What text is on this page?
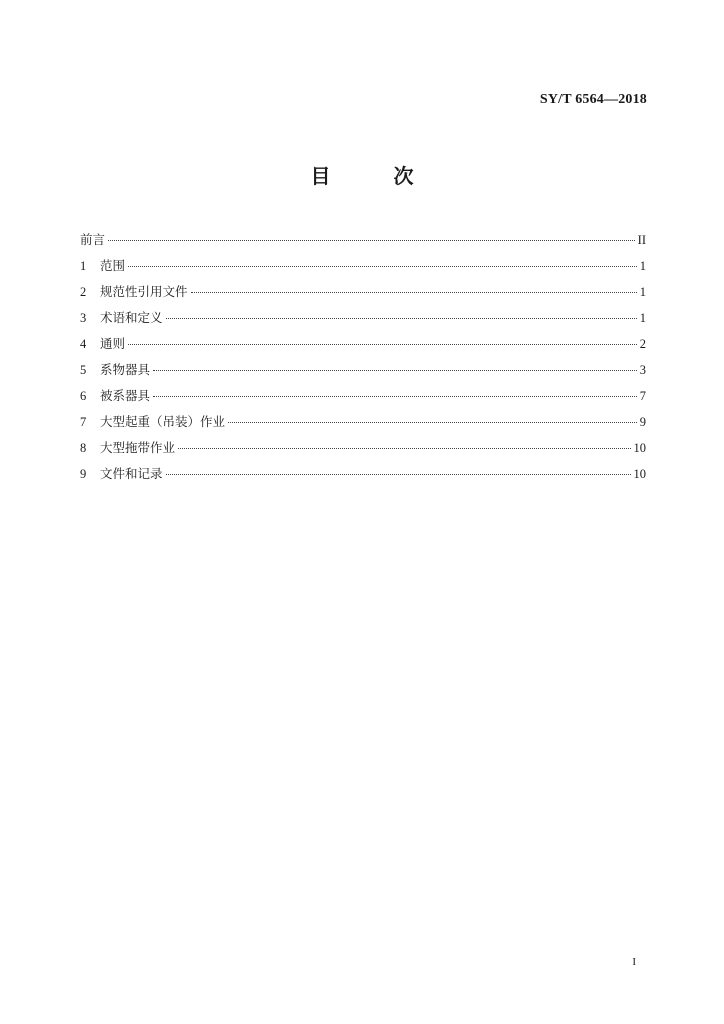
SY/T 6564—2018
目 次
前言	II
1	范围	1
2	规范性引用文件	1
3	术语和定义	1
4	通则	2
5	系物器具	3
6	被系器具	7
7	大型起重（吊装）作业	9
8	大型拖带作业	10
9	文件和记录	10
I
